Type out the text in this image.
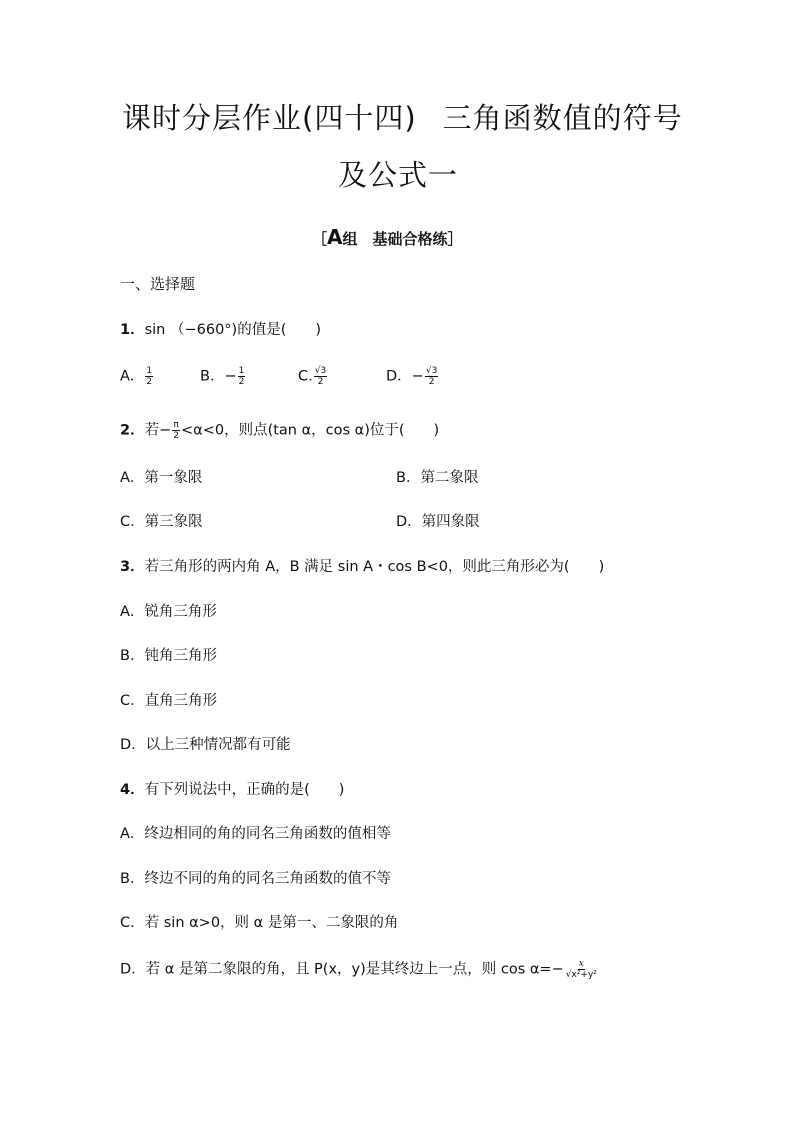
课时分层作业(四十四) 三角函数值的符号
及公式一
［A组　基础合格练］
一、选择题
1．sin （−660°)的值是(　　)
A． $\frac{1}{2}$	B．− $\frac{1}{2}$	C. $\frac{√3}{2}$	D．− $\frac{√3}{2}$
2．若− $\frac{\pi}{2} <\alpha<0$，则点(tan α，cos α)位于(　　)
A．第一象限	B．第二象限
C．第三象限	D．第四象限
3．若三角形的两内角 A，B 满足 sin A・cos B<0，则此三角形必为(　　)
A．锐角三角形
B．钝角三角形
C．直角三角形
D．以上三种情况都有可能
4．有下列说法中，正确的是(　　)
A．终边相同的角的同名三角函数的值相等
B．终边不同的角的同名三角函数的值不等
C．若 sin α>0，则 α 是第一、二象限的角
D．若 α 是第二象限的角，且 P(x，y)是其终边上一点，则 $\cos \alpha=- \frac{x}{\text{√x²+y²}}$
